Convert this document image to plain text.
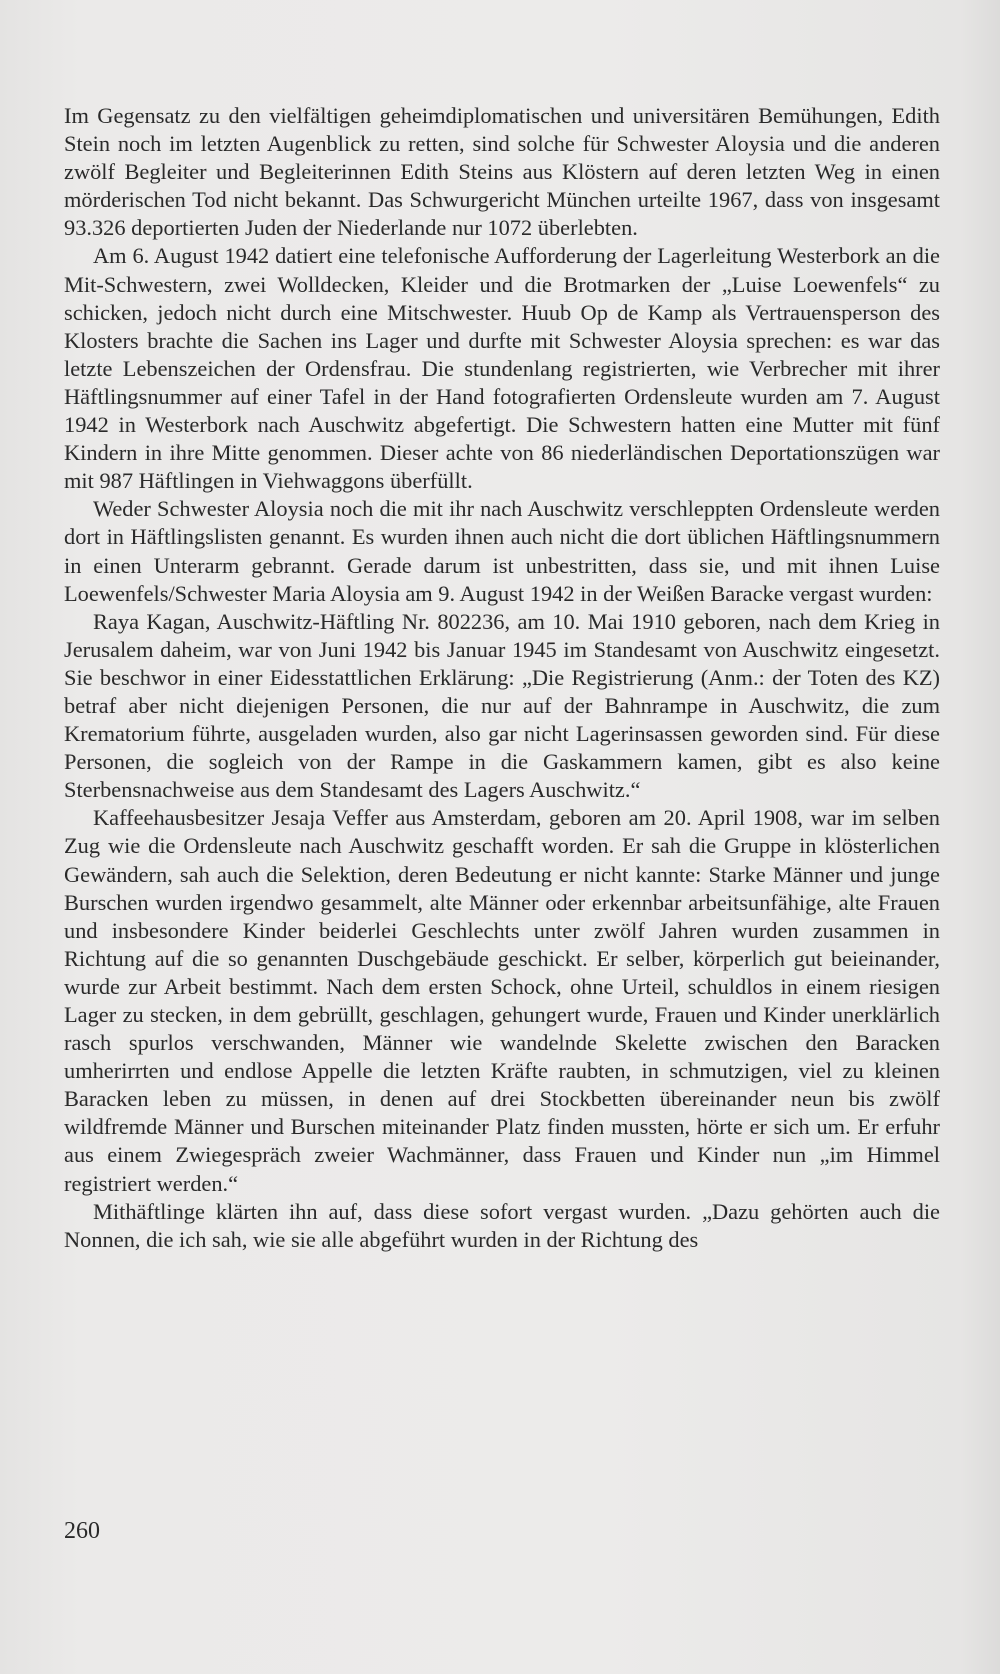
Im Gegensatz zu den vielfältigen geheimdiplomatischen und universitären Bemühungen, Edith Stein noch im letzten Augenblick zu retten, sind solche für Schwester Aloysia und die anderen zwölf Begleiter und Begleiterinnen Edith Steins aus Klöstern auf deren letzten Weg in einen mörderischen Tod nicht bekannt. Das Schwurgericht München urteilte 1967, dass von insgesamt 93.326 deportierten Juden der Niederlande nur 1072 überlebten.

Am 6. August 1942 datiert eine telefonische Aufforderung der Lagerleitung Westerbork an die Mit-Schwestern, zwei Wolldecken, Kleider und die Brotmarken der „Luise Loewenfels“ zu schicken, jedoch nicht durch eine Mitschwester. Huub Op de Kamp als Vertrauensperson des Klosters brachte die Sachen ins Lager und durfte mit Schwester Aloysia sprechen: es war das letzte Lebenszeichen der Ordensfrau. Die stundenlang registrierten, wie Verbrecher mit ihrer Häftlingsnummer auf einer Tafel in der Hand fotografierten Ordensleute wurden am 7. August 1942 in Westerbork nach Auschwitz abgefertigt. Die Schwestern hatten eine Mutter mit fünf Kindern in ihre Mitte genommen. Dieser achte von 86 niederländischen Deportationszügen war mit 987 Häftlingen in Viehwaggons überfüllt.

Weder Schwester Aloysia noch die mit ihr nach Auschwitz verschleppten Ordensleute werden dort in Häftlingslisten genannt. Es wurden ihnen auch nicht die dort üblichen Häftlingsnummern in einen Unterarm gebrannt. Gerade darum ist unbestritten, dass sie, und mit ihnen Luise Loewenfels/Schwester Maria Aloysia am 9. August 1942 in der Weißen Baracke vergast wurden:

Raya Kagan, Auschwitz-Häftling Nr. 802236, am 10. Mai 1910 geboren, nach dem Krieg in Jerusalem daheim, war von Juni 1942 bis Januar 1945 im Standesamt von Auschwitz eingesetzt. Sie beschwor in einer Eidesstattlichen Erklärung: „Die Registrierung (Anm.: der Toten des KZ) betraf aber nicht diejenigen Personen, die nur auf der Bahnrampe in Auschwitz, die zum Krematorium führte, ausgeladen wurden, also gar nicht Lagerinsassen geworden sind. Für diese Personen, die sogleich von der Rampe in die Gaskammern kamen, gibt es also keine Sterbensnachweise aus dem Standesamt des Lagers Auschwitz.“

Kaffeehausbesitzer Jesaja Veffer aus Amsterdam, geboren am 20. April 1908, war im selben Zug wie die Ordensleute nach Auschwitz geschafft worden. Er sah die Gruppe in klösterlichen Gewändern, sah auch die Selektion, deren Bedeutung er nicht kannte: Starke Männer und junge Burschen wurden irgendwo gesammelt, alte Männer oder erkennbar arbeitsunfähige, alte Frauen und insbesondere Kinder beiderlei Geschlechts unter zwölf Jahren wurden zusammen in Richtung auf die so genannten Duschgebäude geschickt. Er selber, körperlich gut beieinander, wurde zur Arbeit bestimmt. Nach dem ersten Schock, ohne Urteil, schuldlos in einem riesigen Lager zu stecken, in dem gebrüllt, geschlagen, gehungert wurde, Frauen und Kinder unerklärlich rasch spurlos verschwanden, Männer wie wandelnde Skelette zwischen den Baracken umherirrten und endlose Appelle die letzten Kräfte raubten, in schmutzigen, viel zu kleinen Baracken leben zu müssen, in denen auf drei Stockbetten übereinander neun bis zwölf wildfremde Männer und Burschen miteinander Platz finden mussten, hörte er sich um. Er erfuhr aus einem Zwiegespräch zweier Wachmänner, dass Frauen und Kinder nun „im Himmel registriert werden.“

Mithäftlinge klärten ihn auf, dass diese sofort vergast wurden. „Dazu gehörten auch die Nonnen, die ich sah, wie sie alle abgeführt wurden in der Richtung des

260
